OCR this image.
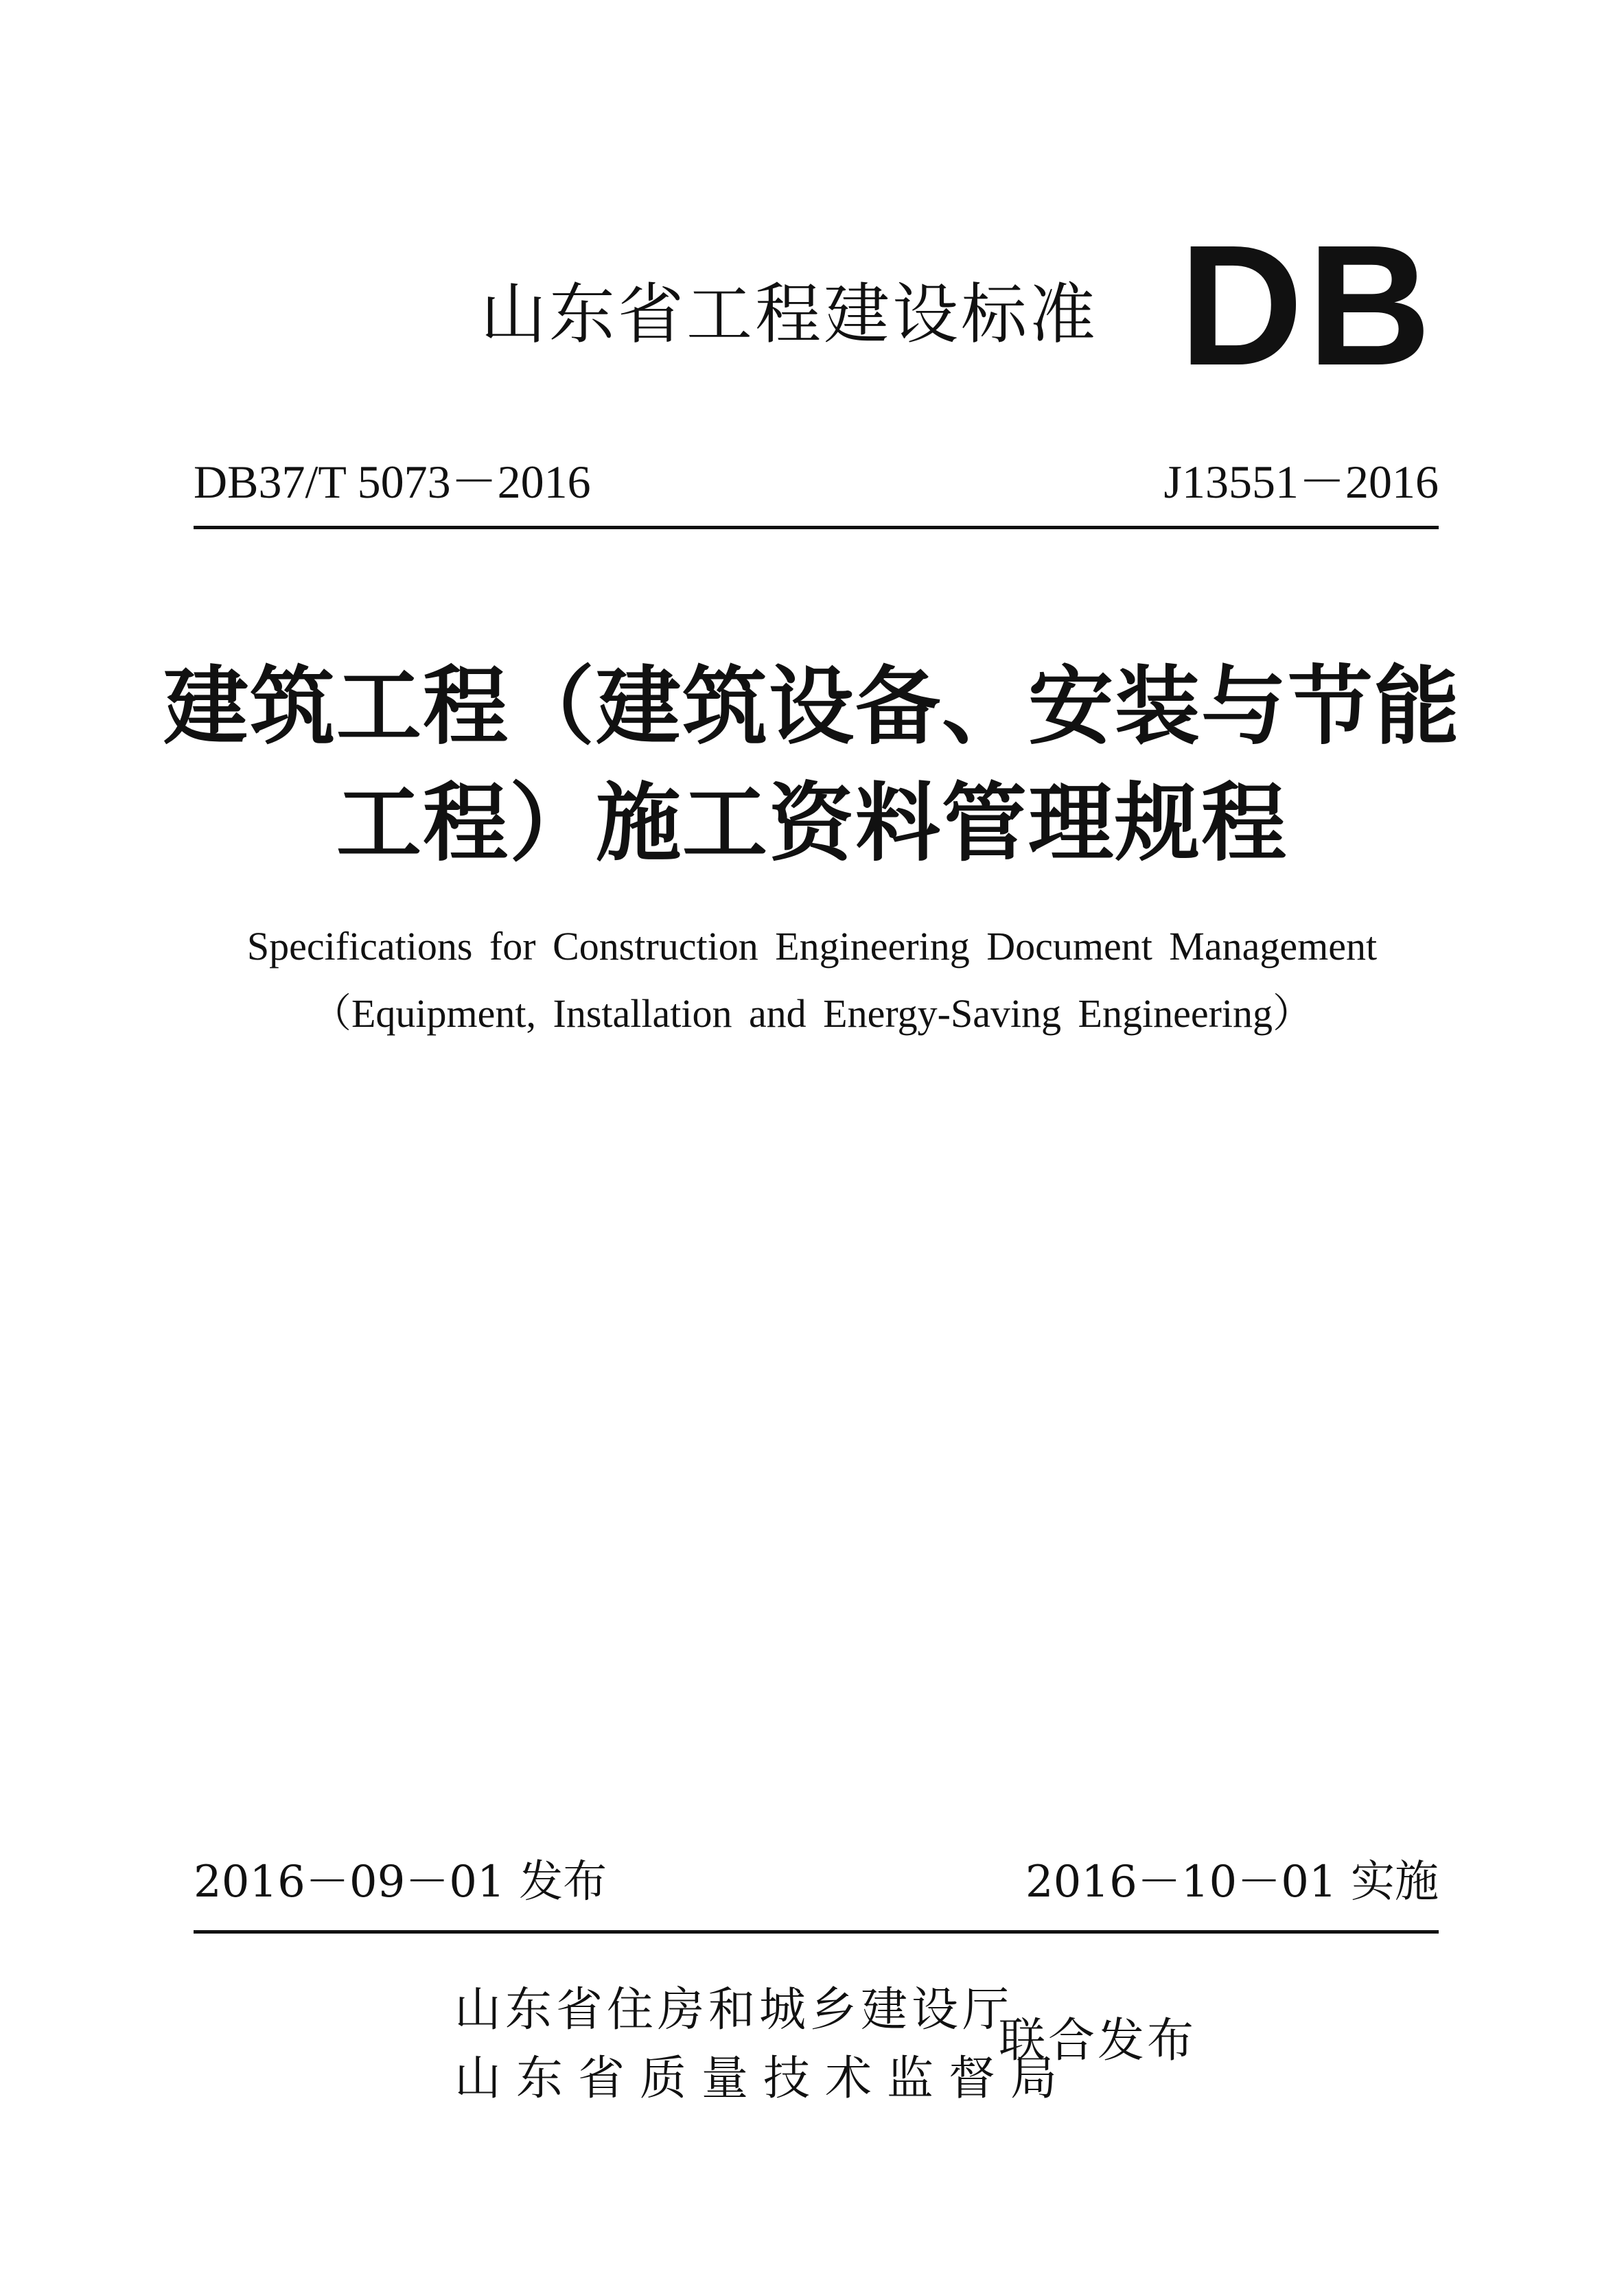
山东省工程建设标准 DB
DB37/T 5073－2016	J13551－2016
建筑工程（建筑设备、安装与节能
工程）施工资料管理规程
Specifications for Construction Engineering Document Management
（Equipment, Installation and Energy-Saving Engineering）
2016－09－01 发布	2016－10－01 实施
山东省住房和城乡建设厅
山东省质量技术监督局
联合发布
